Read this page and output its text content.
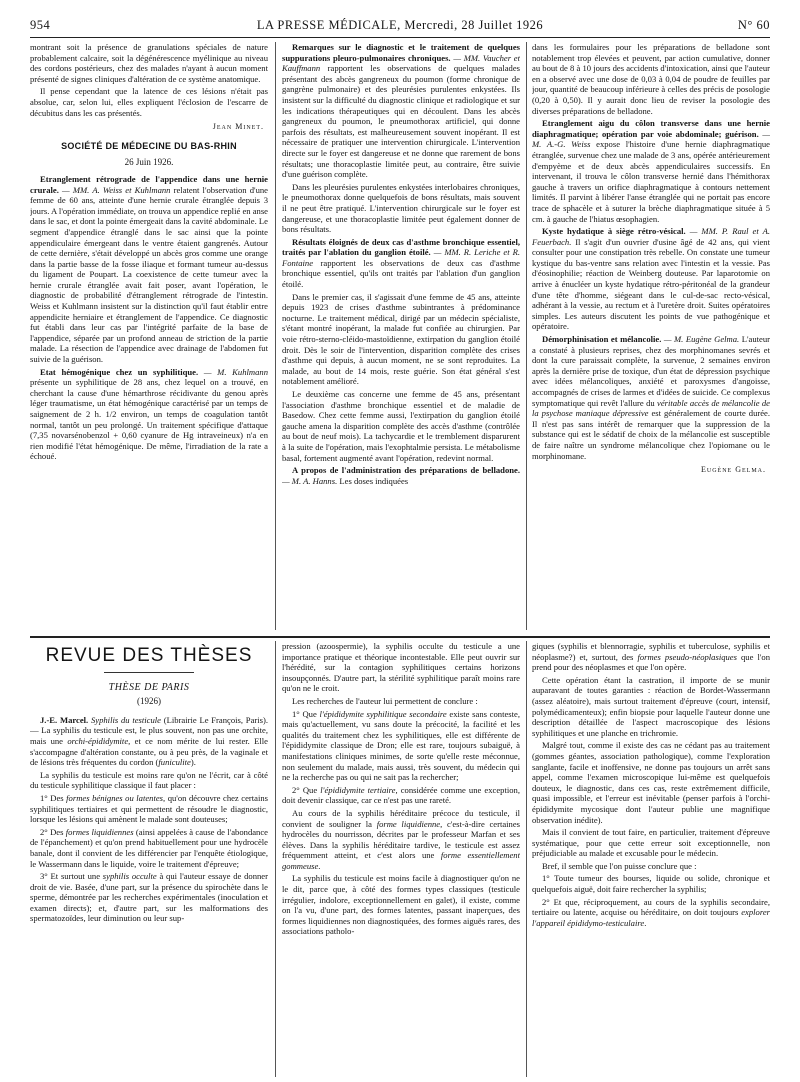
954	LA PRESSE MÉDICALE, Mercredi, 28 Juillet 1926	N° 60

montrant soit la présence de granulations spéciales de nature probablement calcaire, soit la dégénérescence myélinique au niveau des cordons postérieurs, chez des malades n'ayant à aucun moment présenté de signes cliniques d'altération de ce système anatomique.

Il pense cependant que la latence de ces lésions n'était pas absolue, car, selon lui, elles expliquent l'éclosion de l'escarre de décubitus dans les cas présentés.

Jean Minet.
SOCIÉTÉ DE MÉDECINE DU BAS-RHIN
26 Juin 1926.

Etranglement rétrograde de l'appendice dans une hernie crurale. — MM. A. Weiss et Kuhlmann relatent l'observation d'une femme de 60 ans, atteinte d'une hernie crurale étranglée depuis 3 jours. A l'opération immédiate, on trouva un appendice replié en anse dans le sac, et dont la pointe émergeait dans la cavité abdominale. Le segment d'appendice étranglé dans le sac ainsi que la pointe appendiculaire émergeant dans le ventre étaient gangrenés. Autour de cette dernière, s'était développé un abcès gros comme une orange dans la partie basse de la fosse iliaque et formant tumeur au-dessus du ligament de Poupart. La coexistence de cette tumeur avec la hernie crurale étranglée avait fait poser, avant l'opération, le diagnostic de probabilité d'étranglement rétrograde de l'intestin. Weiss et Kuhlmann insistent sur la distinction qu'il faut établir entre appendicite herniaire et étranglement de l'appendice. Ce diagnostic fut établi dans leur cas par l'intégrité parfaite de la base de l'appendice, séparée par un profond anneau de striction de la partie malade. La résection de l'appendice avec drainage de l'abdomen fut suivie de la guérison.

Etat hémogénique chez un syphilitique. — M. Kuhlmann présente un syphilitique de 28 ans, chez lequel on a trouvé, en cherchant la cause d'une hémarthrose récidivante du genou après léger traumatisme, un état hémogénique caractérisé par un temps de saignement de 2 h. 1/2 environ, un temps de coagulation tantôt normal, tantôt un peu prolongé. Un traitement spécifique d'attaque (7,35 novarsénobenzol + 0,60 cyanure de Hg intraveineux) n'a en rien modifié l'état hémogénique. De même, l'irradiation de la rate a échoué.

Remarques sur le diagnostic et le traitement de quelques suppurations pleuro-pulmonaires chroniques. — MM. Vaucher et Kauffmann rapportent les observations de quelques malades présentant des abcès gangreneux du poumon (forme chronique de gangrène pulmonaire) et des pleurésies purulentes enkystées. Ils insistent sur la difficulté du diagnostic clinique et radiologique et sur les indications thérapeutiques qui en découlent. Dans les abcès gangreneux du poumon, le pneumothorax artificiel, qui donne parfois des résultats, est malheureusement souvent inopérant. Il est nécessaire de pratiquer une intervention chirurgicale. L'intervention directe sur le foyer est dangereuse et ne donne que rarement de bons résultats; une thoracoplastie limitée peut, au contraire, être suivie d'une guérison complète.

Dans les pleurésies purulentes enkystées interlobaires chroniques, le pneumothorax donne quelquefois de bons résultats, mais souvent il ne peut être pratiqué. L'intervention chirurgicale sur le foyer est dangereuse, et une thoracoplastie limitée peut également donner de bons résultats.

Résultats éloignés de deux cas d'asthme bronchique essentiel, traités par l'ablation du ganglion étoilé. — MM. R. Leriche et R. Fontaine rapportent les observations de deux cas d'asthme bronchique essentiel, qu'ils ont traités par l'ablation d'un ganglion étoilé.

Dans le premier cas, il s'agissait d'une femme de 45 ans, atteinte depuis 1923 de crises d'asthme subintrantes à prédominance nocturne. Le traitement médical, dirigé par un médecin spécialiste, s'étant montré inopérant, la malade fut confiée au chirurgien. Par voie rétro-sterno-cléido-mastoïdienne, extirpation du ganglion étoilé droit. Dès le soir de l'intervention, disparition complète des crises d'asthme qui depuis, à aucun moment, ne se sont reproduites. La malade, au bout de 14 mois, reste guérie. Son état général s'est notablement amélioré.

Le deuxième cas concerne une femme de 45 ans, présentant l'association d'asthme bronchique essentiel et de maladie de Basedow. Chez cette femme aussi, l'extirpation du ganglion étoilé gauche amena la disparition complète des accès d'asthme (contrôlée au bout de neuf mois). La tachycardie et le tremblement disparurent à la suite de l'opération, mais l'exophtalmie persista. Le métabolisme basal, fortement augmenté avant l'opération, redevint normal.

A propos de l'administration des préparations de belladone. — M. A. Hanns. Les doses indiquées

dans les formulaires pour les préparations de belladone sont notablement trop élevées et peuvent, par action cumulative, donner au bout de 8 à 10 jours des accidents d'intoxication, ainsi que l'auteur en a observé avec une dose de 0,03 à 0,04 de poudre de feuilles par jour, quantité de beaucoup inférieure à celles des précis de posologie (0,20 à 0,50). Il y aurait donc lieu de reviser la posologie des diverses préparations de belladone.

Etranglement aigu du côlon transverse dans une hernie diaphragmatique; opération par voie abdominale; guérison. — M. A.-G. Weiss expose l'histoire d'une hernie diaphragmatique étranglée, survenue chez une malade de 3 ans, opérée antérieurement d'empyème et de deux abcès appendiculaires successifs. En intervenant, il trouva le côlon transverse hernié dans l'hémithorax gauche à travers un orifice diaphragmatique à contours nettement limités. Il parvint à libérer l'anse étranglée qui ne portait pas encore trace de sphacèle et à suturer la brèche diaphragmatique située à 5 cm. à gauche de l'hiatus œsophagien.

Kyste hydatique à siège rétro-vésical. — MM. P. Raul et A. Feuerbach. Il s'agit d'un ouvrier d'usine âgé de 42 ans, qui vient consulter pour une constipation très rebelle. On constate une tumeur kystique du bas-ventre sans relation avec l'intestin et la vessie. Pas d'éosinophilie; réaction de Weinberg douteuse. Par laparotomie on arrive à énucléer un kyste hydatique rétro-péritonéal de la grandeur d'une tête d'homme, siégeant dans le cul-de-sac recto-vésical, adhérant à la vessie, au rectum et à l'uretère droit. Suites opératoires simples. Les auteurs discutent les points de vue pathogénique et opératoire.

Démorphinisation et mélancolie. — M. Eugène Gelma. L'auteur a constaté à plusieurs reprises, chez des morphinomanes sevrés et dont la cure paraissait complète, la survenue, 2 semaines environ après la dernière prise de toxique, d'un état de dépression psychique avec idées mélancoliques, anxiété et paroxysmes d'angoisse, accompagnés de crises de larmes et d'idées de suicide. Ce complexus symptomatique qui revêt l'allure du véritable accès de mélancolie de la psychose maniaque dépressive est généralement de courte durée. Il n'est pas sans intérêt de remarquer que la suppression de la substance qui est le sédatif de choix de la mélancolie est susceptible de faire naître un syndrome mélancolique chez l'opiomane ou le morphinomane.

Eugène Gelma.
REVUE DES THÈSES
THÈSE DE PARIS
(1926)

J.-E. Marcel. Syphilis du testicule (Librairie Le François, Paris). — La syphilis du testicule est, le plus souvent, non pas une orchite, mais une orchi-épididymite, et ce nom mérite de lui rester. Elle s'accompagne d'altération constante, ou à peu près, de la vaginale et de lésions très fréquentes du cordon (funiculite).

La syphilis du testicule est moins rare qu'on ne l'écrit, car à côté du testicule syphilitique classique il faut placer :

1° Des formes bénignes ou latentes, qu'on découvre chez certains syphilitiques tertiaires et qui permettent de résoudre le diagnostic, lorsque les lésions qui amènent le malade sont douteuses;

2° Des formes liquidiennes (ainsi appelées à cause de l'abondance de l'épanchement) et qu'on prend habituellement pour une hydrocèle banale, dont il convient de les différencier par l'enquête étiologique, le Wassermann dans le liquide, voire le traitement d'épreuve;

3° Et surtout une syphilis occulte à qui l'auteur essaye de donner droit de vie. Basée, d'une part, sur la présence du spirochète dans le sperme, démontrée par les recherches expérimentales (inoculation et examen directs); et, d'autre part, sur les malformations des spermatozoïdes, leur diminution ou leur sup-

pression (azoospermie), la syphilis occulte du testicule a une importance pratique et théorique incontestable. Elle peut ouvrir sur l'hérédité, sur la contagion syphilitiques certains horizons insoupçonnés. D'autre part, la stérilité syphilitique paraît moins rare qu'on ne le croit.

Les recherches de l'auteur lui permettent de conclure :

1° Que l'épididymite syphilitique secondaire existe sans conteste, mais qu'actuellement, vu sans doute la précocité, la facilité et les qualités du traitement chez les syphilitiques, elle est différente de l'épididymite classique de Dron; elle est rare, toujours subaiguë, à manifestations cliniques minimes, de sorte qu'elle reste méconnue, non seulement du malade, mais aussi, très souvent, du médecin qui ne la recherche pas ou qui ne sait pas la rechercher;

2° Que l'épididymite tertiaire, considérée comme une exception, doit devenir classique, car ce n'est pas une rareté.

Au cours de la syphilis héréditaire précoce du testicule, il convient de souligner la forme liquidienne, c'est-à-dire certaines hydrocèles du nourrisson, décrites par le professeur Marfan et ses élèves. Dans la syphilis héréditaire tardive, le testicule est assez fréquemment atteint, et c'est alors une forme essentiellement gommeuse.

La syphilis du testicule est moins facile à diagnostiquer qu'on ne le dit, parce que, à côté des formes types classiques (testicule irrégulier, indolore, exceptionnellement en galet), il existe, comme on l'a vu, d'une part, des formes latentes, passant inaperçues, des formes liquidiennes non diagnostiquées, des formes aiguës rares, des associations patholo-

giques (syphilis et blennorragie, syphilis et tuberculose, syphilis et néoplasme?) et, surtout, des formes pseudo-néoplasiques que l'on prend pour des néoplasmes et que l'on opère.

Cette opération étant la castration, il importe de se munir auparavant de toutes garanties : réaction de Bordet-Wassermann (assez aléatoire), mais surtout traitement d'épreuve (court, intensif, polymédicamenteux); enfin biopsie pour laquelle l'auteur donne une description détaillée de l'aspect macroscopique des lésions syphilitiques et une planche en trichromie.

Malgré tout, comme il existe des cas ne cédant pas au traitement (gommes géantes, association pathologique), comme l'exploration sanglante, facile et inoffensive, ne donne pas toujours un arrêt sans appel, comme l'examen microscopique lui-même est quelquefois douteux, le diagnostic, dans ces cas, reste extrêmement difficile, quasi impossible, et l'erreur est inévitable (penser parfois à l'orchi-épididymite mycosique dont l'auteur publie une magnifique observation inédite).

Mais il convient de tout faire, en particulier, traitement d'épreuve systématique, pour que cette erreur soit exceptionnelle, non préjudiciable au malade et excusable pour le médecin.

Bref, il semble que l'on puisse conclure que :

1° Toute tumeur des bourses, liquide ou solide, chronique et quelquefois aiguë, doit faire rechercher la syphilis;

2° Et que, réciproquement, au cours de la syphilis secondaire, tertiaire ou latente, acquise ou héréditaire, on doit toujours explorer l'appareil épididymo-testiculaire.
